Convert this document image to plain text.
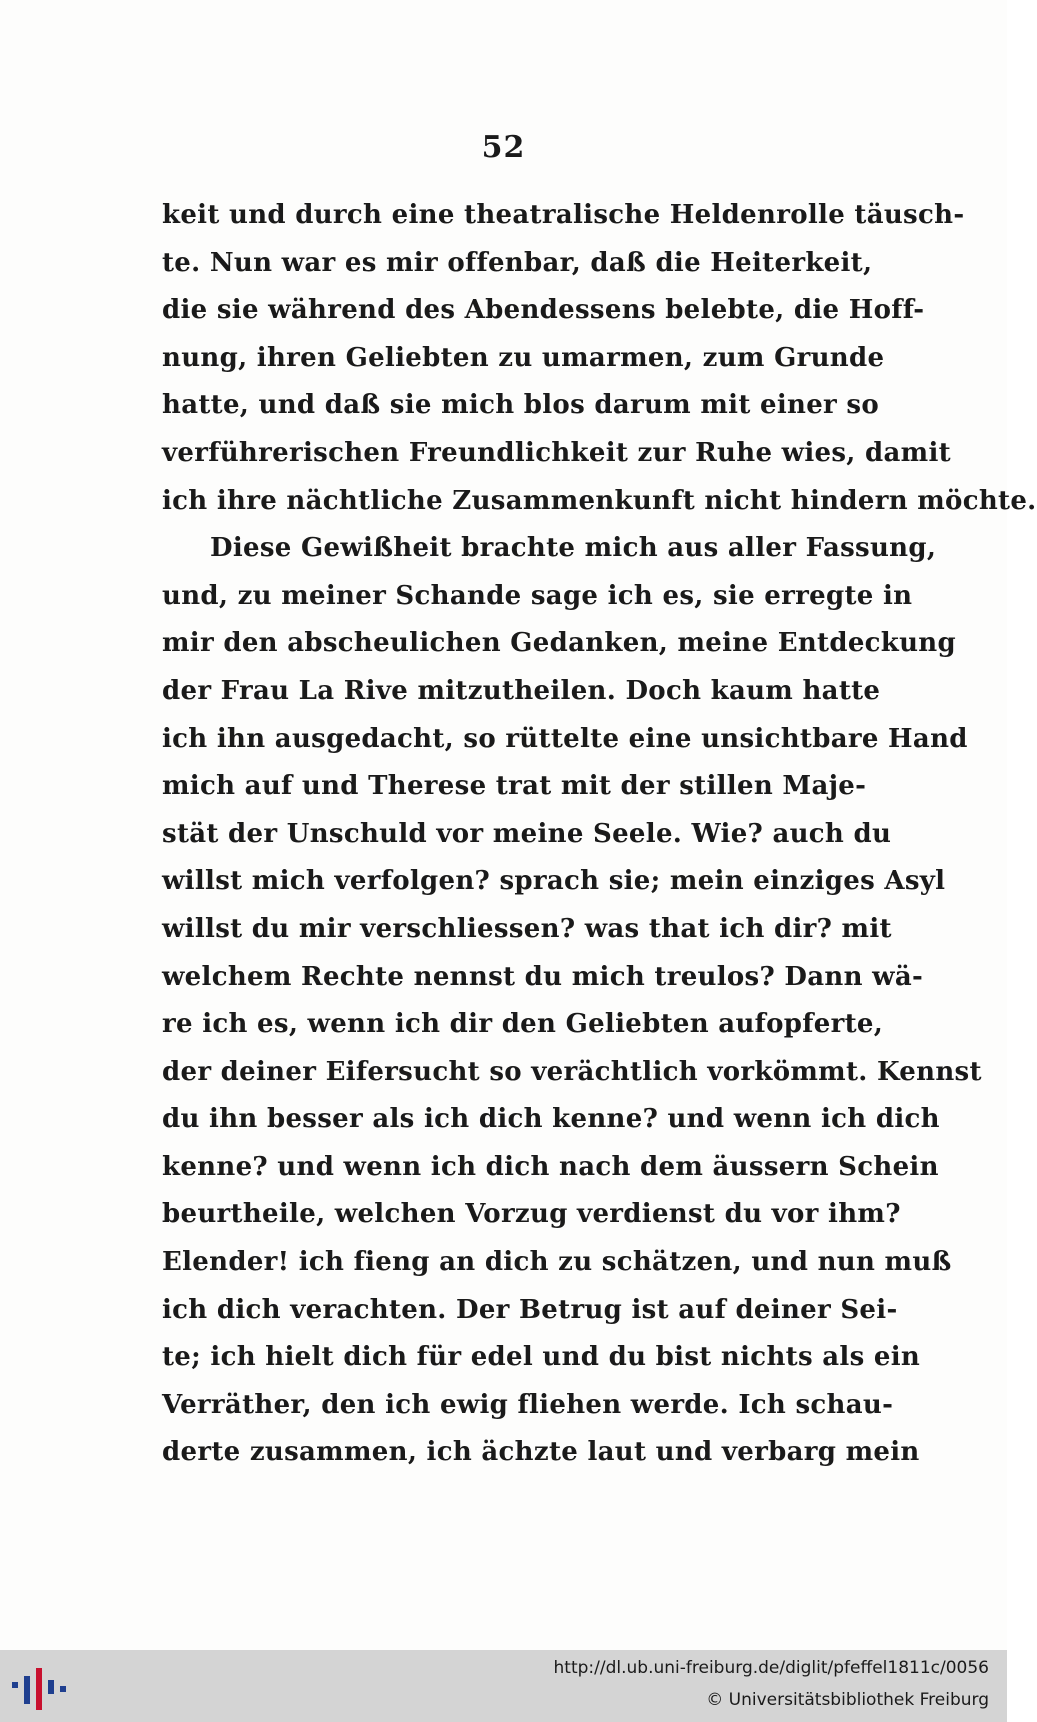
52
keit und durch eine theatralische Heldenrolle täusch-
te. Nun war es mir offenbar, daß die Heiterkeit,
die sie während des Abendessens belebte, die Hoff-
nung, ihren Geliebten zu umarmen, zum Grunde
hatte, und daß sie mich blos darum mit einer so
verführerischen Freundlichkeit zur Ruhe wies, damit
ich ihre nächtliche Zusammenkunft nicht hindern möchte.
Diese Gewißheit brachte mich aus aller Fassung,
und, zu meiner Schande sage ich es, sie erregte in
mir den abscheulichen Gedanken, meine Entdeckung
der Frau La Rive mitzutheilen. Doch kaum hatte
ich ihn ausgedacht, so rüttelte eine unsichtbare Hand
mich auf und Therese trat mit der stillen Maje-
stät der Unschuld vor meine Seele. Wie? auch du
willst mich verfolgen? sprach sie; mein einziges Asyl
willst du mir verschliessen? was that ich dir? mit
welchem Rechte nennst du mich treulos? Dann wä-
re ich es, wenn ich dir den Geliebten aufopferte,
der deiner Eifersucht so verächtlich vorkömmt. Kennst
du ihn besser als ich dich kenne? und wenn ich dich
kenne? und wenn ich dich nach dem äussern Schein
beurtheile, welchen Vorzug verdienst du vor ihm?
Elender! ich fieng an dich zu schätzen, und nun muß
ich dich verachten. Der Betrug ist auf deiner Sei-
te; ich hielt dich für edel und du bist nichts als ein
Verräther, den ich ewig fliehen werde. Ich schau-
derte zusammen, ich ächzte laut und verbarg mein
http://dl.ub.uni-freiburg.de/diglit/pfeffel1811c/0056
© Universitätsbibliothek Freiburg
